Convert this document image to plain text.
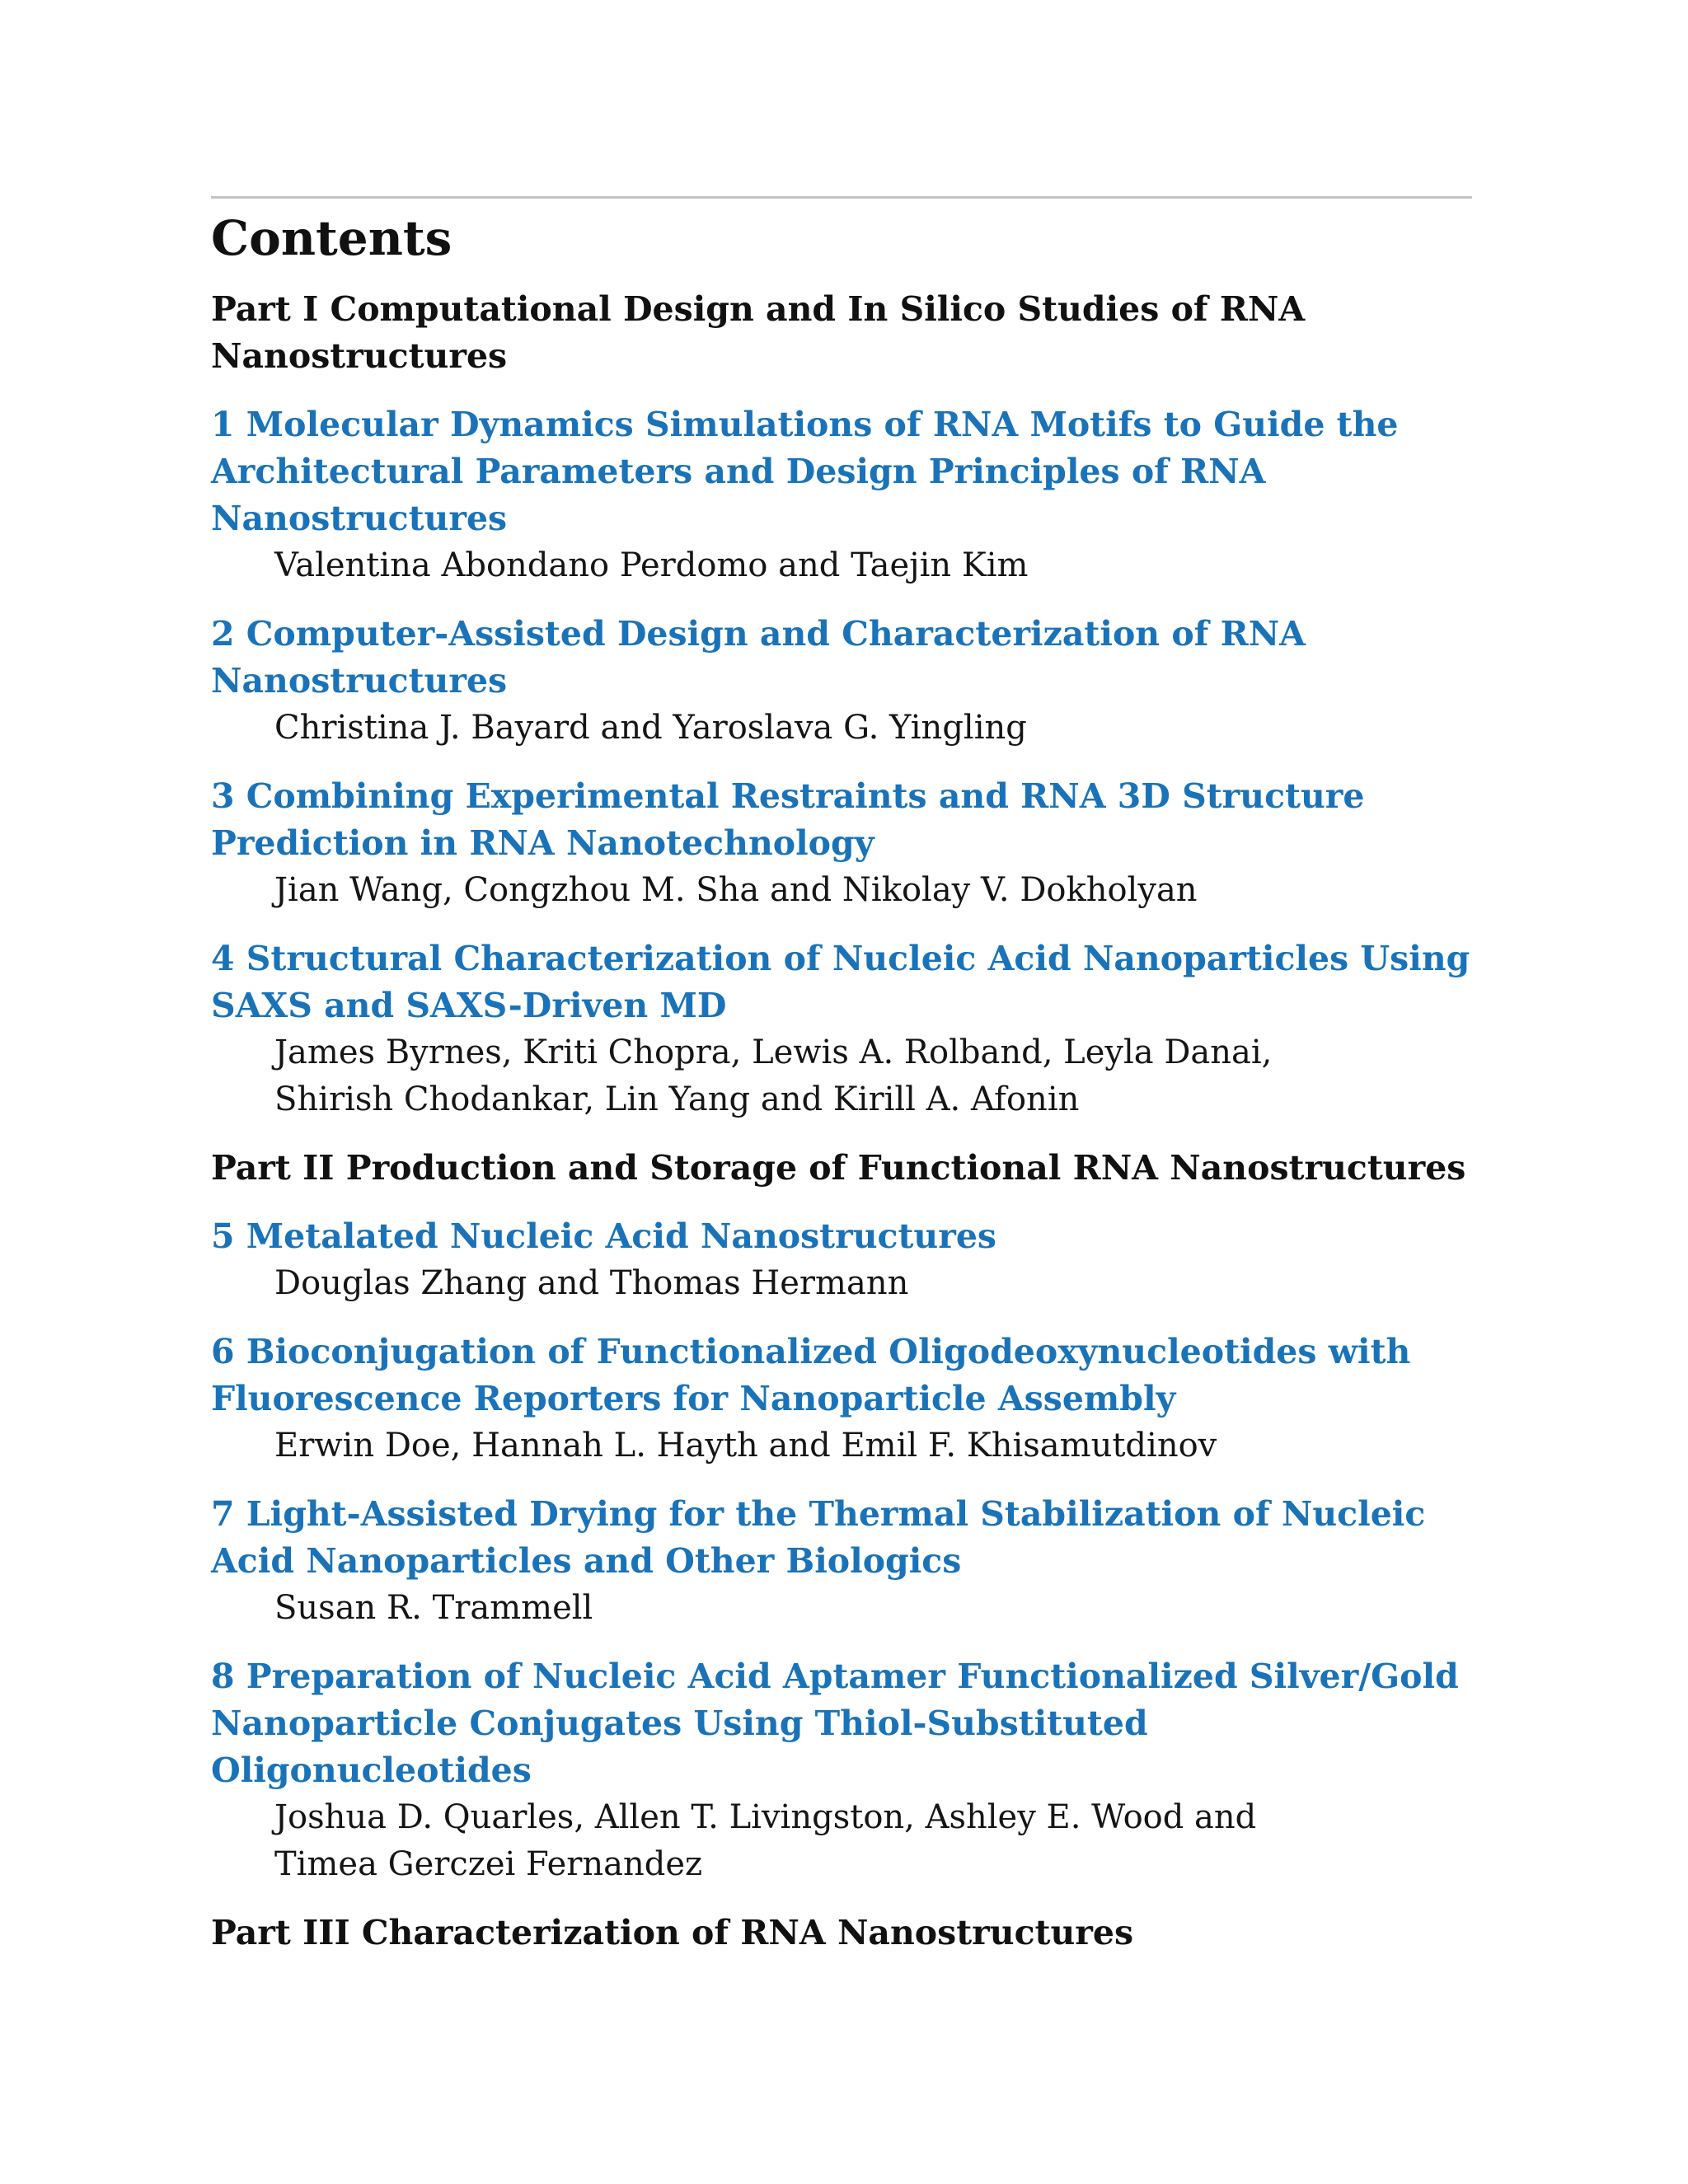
Contents
Part I Computational Design and In Silico Studies of RNA Nanostructures
1 Molecular Dynamics Simulations of RNA Motifs to Guide the Architectural Parameters and Design Principles of RNA Nanostructures
Valentina Abondano Perdomo and Taejin Kim
2 Computer-Assisted Design and Characterization of RNA Nanostructures
Christina J. Bayard and Yaroslava G. Yingling
3 Combining Experimental Restraints and RNA 3D Structure Prediction in RNA Nanotechnology
Jian Wang, Congzhou M. Sha and Nikolay V. Dokholyan
4 Structural Characterization of Nucleic Acid Nanoparticles Using SAXS and SAXS-Driven MD
James Byrnes, Kriti Chopra, Lewis A. Rolband, Leyla Danai,
Shirish Chodankar, Lin Yang and Kirill A. Afonin
Part II Production and Storage of Functional RNA Nanostructures
5 Metalated Nucleic Acid Nanostructures
Douglas Zhang and Thomas Hermann
6 Bioconjugation of Functionalized Oligodeoxynucleotides with Fluorescence Reporters for Nanoparticle Assembly
Erwin Doe, Hannah L. Hayth and Emil F. Khisamutdinov
7 Light-Assisted Drying for the Thermal Stabilization of Nucleic Acid Nanoparticles and Other Biologics
Susan R. Trammell
8 Preparation of Nucleic Acid Aptamer Functionalized Silver/Gold Nanoparticle Conjugates Using Thiol-Substituted Oligonucleotides
Joshua D. Quarles, Allen T. Livingston, Ashley E. Wood and
Timea Gerczei Fernandez
Part III Characterization of RNA Nanostructures
